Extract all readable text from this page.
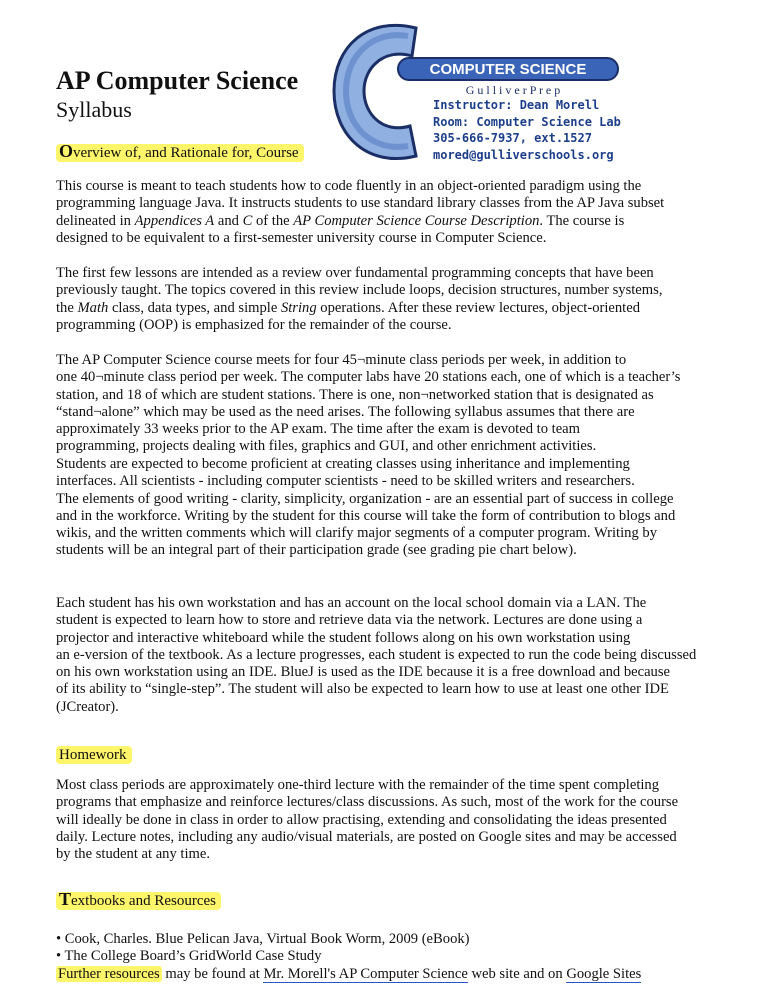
AP Computer Science
Syllabus
COMPUTER SCIENCE
G u l l i v e r P r e p
Instructor: Dean Morell
Room: Computer Science Lab
305-666-7937, ext.1527
mored@gulliverschools.org
Overview of, and Rationale for, Course

This course is meant to teach students how to code fluently in an object-oriented paradigm using the
programming language Java. It instructs students to use standard library classes from the AP Java subset
delineated in Appendices A and C of the AP Computer Science Course Description. The course is
designed to be equivalent to a first-semester university course in Computer Science.

The first few lessons are intended as a review over fundamental programming concepts that have been
previously taught. The topics covered in this review include loops, decision structures, number systems,
the Math class, data types, and simple String operations. After these review lectures, object-oriented
programming (OOP) is emphasized for the remainder of the course.

The AP Computer Science course meets for four 45¬minute class periods per week, in addition to
one 40¬minute class period per week. The computer labs have 20 stations each, one of which is a teacher’s
station, and 18 of which are student stations. There is one, non¬networked station that is designated as
“stand¬alone” which may be used as the need arises. The following syllabus assumes that there are
approximately 33 weeks prior to the AP exam. The time after the exam is devoted to team
programming, projects dealing with files, graphics and GUI, and other enrichment activities.

Students are expected to become proficient at creating classes using inheritance and implementing
interfaces. All scientists - including computer scientists - need to be skilled writers and researchers.
The elements of good writing - clarity, simplicity, organization - are an essential part of success in college
and in the workforce. Writing by the student for this course will take the form of contribution to blogs and
wikis, and the written comments which will clarify major segments of a computer program. Writing by
students will be an integral part of their participation grade (see grading pie chart below).

Each student has his own workstation and has an account on the local school domain via a LAN. The
student is expected to learn how to store and retrieve data via the network. Lectures are done using a
projector and interactive whiteboard while the student follows along on his own workstation using
an e-version of the textbook. As a lecture progresses, each student is expected to run the code being discussed
on his own workstation using an IDE. BlueJ is used as the IDE because it is a free download and because
of its ability to “single-step”. The student will also be expected to learn how to use at least one other IDE
(JCreator).

Homework

Most class periods are approximately one-third lecture with the remainder of the time spent completing
programs that emphasize and reinforce lectures/class discussions. As such, most of the work for the course
will ideally be done in class in order to allow practising, extending and consolidating the ideas presented
daily. Lecture notes, including any audio/visual materials, are posted on Google sites and may be accessed
by the student at any time.

Textbooks and Resources

• Cook, Charles. Blue Pelican Java, Virtual Book Worm, 2009 (eBook)
• The College Board’s GridWorld Case Study
Further resources may be found at Mr. Morell's AP Computer Science web site and on Google Sites
